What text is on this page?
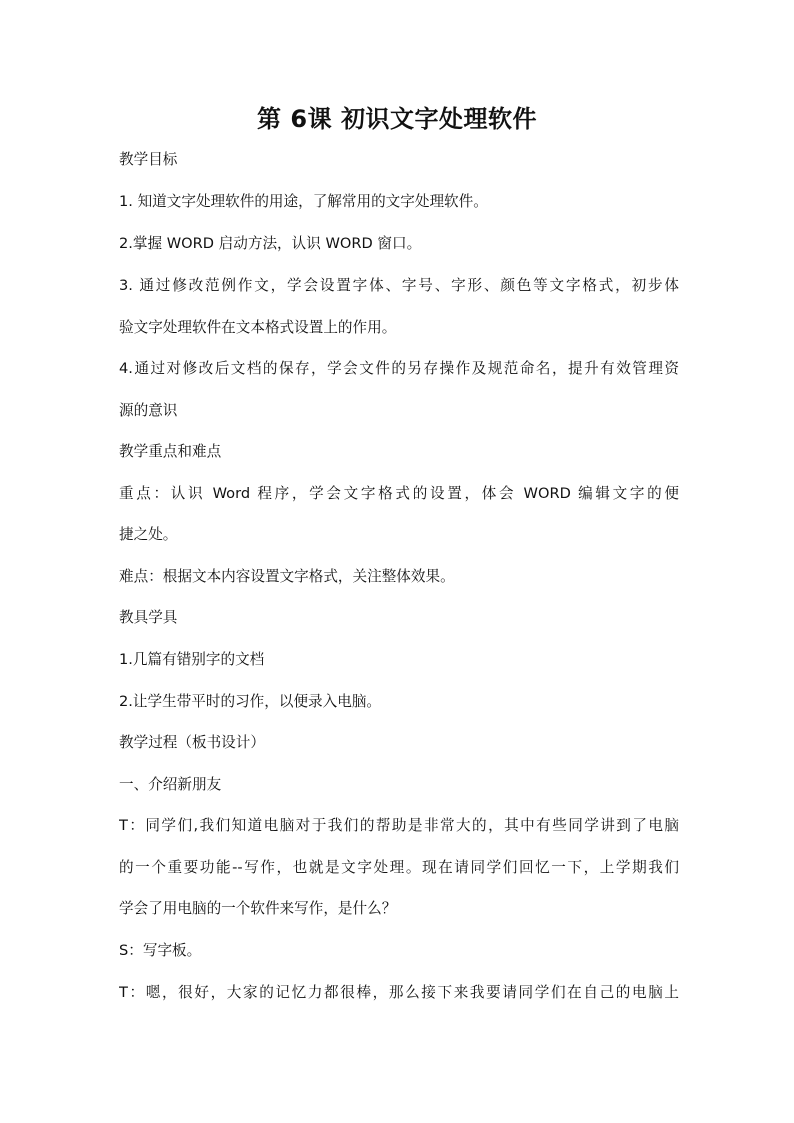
第 6课 初识文字处理软件

教学目标

1. 知道文字处理软件的用途，了解常用的文字处理软件。

2.掌握 WORD 启动方法，认识 WORD 窗口。

3. 通过修改范例作文，学会设置字体、字号、字形、颜色等文字格式，初步体

验文字处理软件在文本格式设置上的作用。

4.通过对修改后文档的保存，学会文件的另存操作及规范命名，提升有效管理资

源的意识

教学重点和难点

重点：认识 Word 程序，学会文字格式的设置，体会 WORD 编辑文字的便

捷之处。

难点：根据文本内容设置文字格式，关注整体效果。

教具学具

1.几篇有错别字的文档

2.让学生带平时的习作，以便录入电脑。

教学过程（板书设计）

一、介绍新朋友

T：同学们,我们知道电脑对于我们的帮助是非常大的，其中有些同学讲到了电脑

的一个重要功能--写作，也就是文字处理。现在请同学们回忆一下，上学期我们

学会了用电脑的一个软件来写作，是什么？

S：写字板。

T：嗯，很好，大家的记忆力都很棒，那么接下来我要请同学们在自己的电脑上
